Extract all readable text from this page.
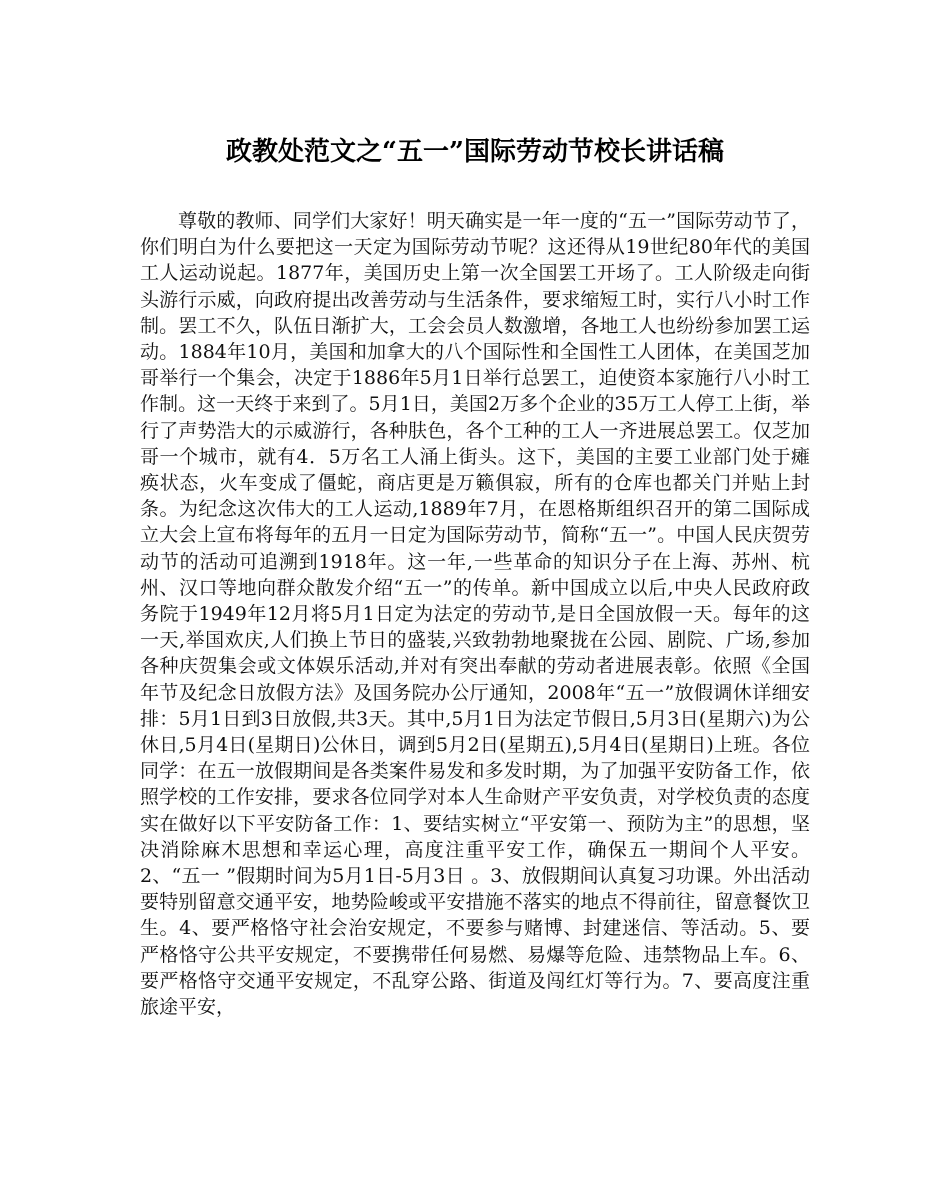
政教处范文之“五一”国际劳动节校长讲话稿

尊敬的教师、同学们大家好！明天确实是一年一度的“五一”国际劳动节了，你们明白为什么要把这一天定为国际劳动节呢？这还得从19世纪80年代的美国工人运动说起。1877年，美国历史上第一次全国罢工开场了。工人阶级走向街头游行示威，向政府提出改善劳动与生活条件，要求缩短工时，实行八小时工作制。罢工不久，队伍日渐扩大，工会会员人数激增，各地工人也纷纷参加罢工运动。1884年10月，美国和加拿大的八个国际性和全国性工人团体，在美国芝加哥举行一个集会，决定于1886年5月1日举行总罢工，迫使资本家施行八小时工作制。这一天终于来到了。5月1日，美国2万多个企业的35万工人停工上街，举行了声势浩大的示威游行，各种肤色，各个工种的工人一齐进展总罢工。仅芝加哥一个城市，就有4．5万名工人涌上街头。这下，美国的主要工业部门处于瘫痪状态，火车变成了僵蛇，商店更是万籁俱寂，所有的仓库也都关门并贴上封条。为纪念这次伟大的工人运动,1889年7月，在恩格斯组织召开的第二国际成立大会上宣布将每年的五月一日定为国际劳动节，简称“五一”。中国人民庆贺劳动节的活动可追溯到1918年。这一年,一些革命的知识分子在上海、苏州、杭州、汉口等地向群众散发介绍“五一”的传单。新中国成立以后,中央人民政府政务院于1949年12月将5月1日定为法定的劳动节,是日全国放假一天。每年的这一天,举国欢庆,人们换上节日的盛装,兴致勃勃地聚拢在公园、剧院、广场,参加各种庆贺集会或文体娱乐活动,并对有突出奉献的劳动者进展表彰。依照《全国年节及纪念日放假方法》及国务院办公厅通知，2008年“五一”放假调休详细安排：5月1日到3日放假,共3天。其中,5月1日为法定节假日,5月3日(星期六)为公休日,5月4日(星期日)公休日，调到5月2日(星期五),5月4日(星期日)上班。各位同学：在五一放假期间是各类案件易发和多发时期，为了加强平安防备工作，依照学校的工作安排，要求各位同学对本人生命财产平安负责，对学校负责的态度实在做好以下平安防备工作：1、要结实树立“平安第一、预防为主”的思想，坚决消除麻木思想和幸运心理，高度注重平安工作，确保五一期间个人平安。2、“五一 ”假期时间为5月1日-5月3日 。3、放假期间认真复习功课。外出活动要特别留意交通平安，地势险峻或平安措施不落实的地点不得前往，留意餐饮卫生。4、要严格恪守社会治安规定，不要参与赌博、封建迷信、等活动。5、要严格恪守公共平安规定，不要携带任何易燃、易爆等危险、违禁物品上车。6、要严格恪守交通平安规定，不乱穿公路、街道及闯红灯等行为。7、要高度注重旅途平安，
